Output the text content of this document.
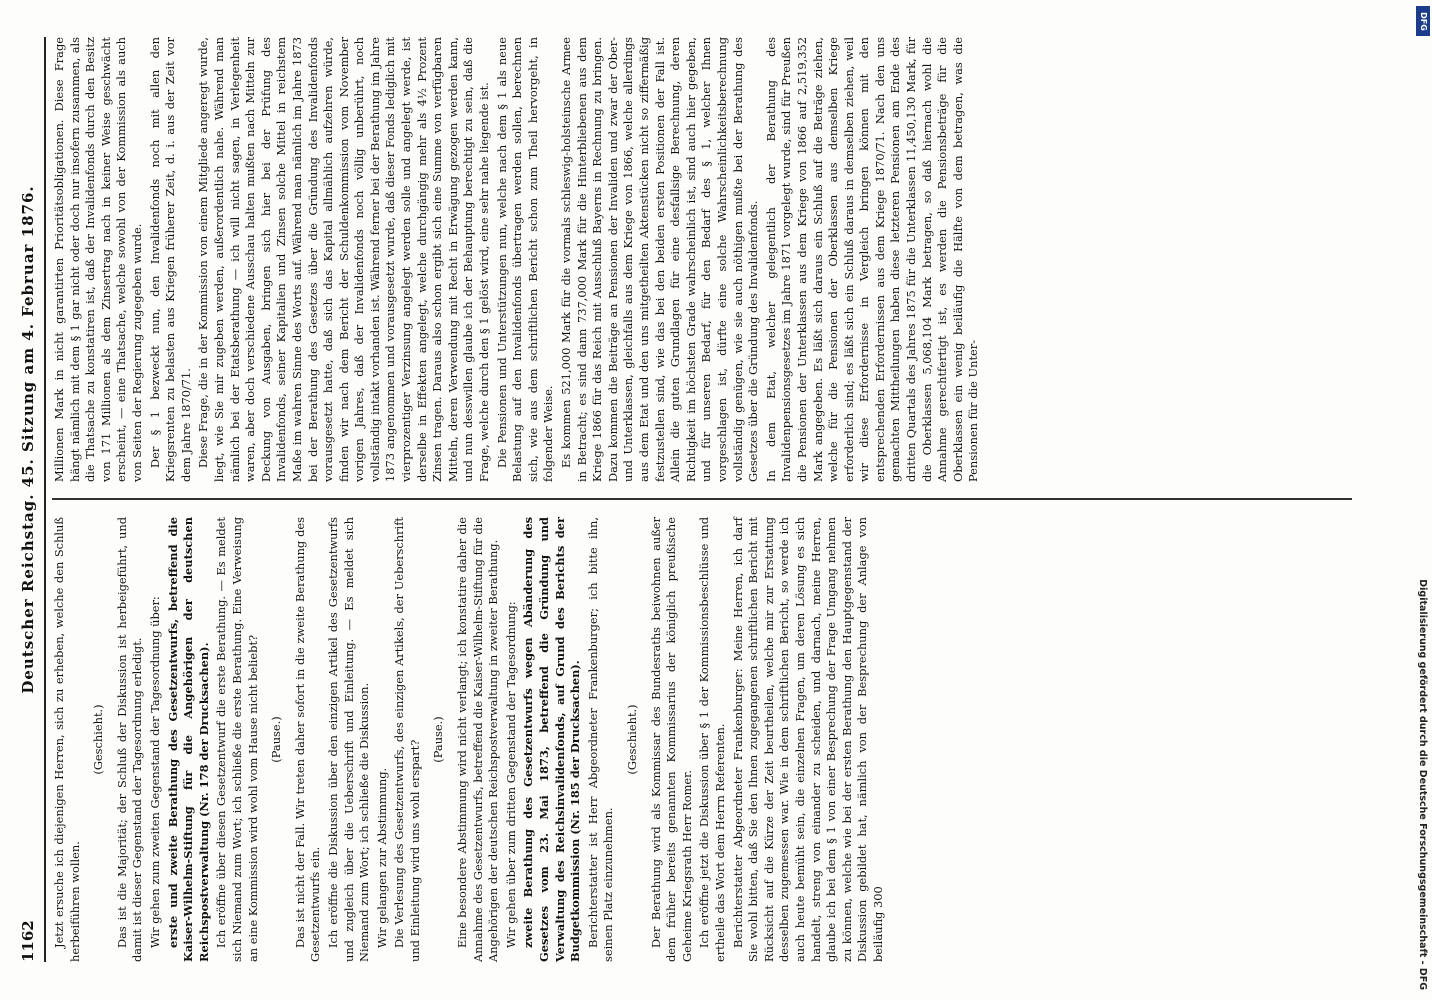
1162
Deutscher Reichstag. 45. Sitzung am 4. Februar 1876.

Jetzt ersuche ich diejenigen Herren, sich zu erheben, welche den Schluß herbeiführen wollen.

(Geschieht.) Das ist die Majorität; der Schluß der Diskussion ist herbeigeführt, und damit ist dieser Gegenstand der Tagesordnung erledigt. Wir gehen zum zweiten Gegenstand der Tagesordnung über: erste und zweite Berathung des Gesetzentwurfs, betreffend die Kaiser-Wilhelm-Stiftung für die Angehörigen der deutschen Reichspostverwaltung (Nr. 178 der Drucksachen). Ich eröffne über diesen Gesetzentwurf die erste Berathung. — Es meldet sich Niemand zum Wort; ich schließe die erste Berathung. Eine Verweisung an eine Kommission wird wohl vom Hause nicht beliebt? (Pause.) Das ist nicht der Fall. Wir treten daher sofort in die zweite Berathung des Gesetzentwurfs ein. Ich eröffne die Diskussion über den einzigen Artikel des Gesetzentwurfs und zugleich über die Ueberschrift und Einleitung. — Es meldet sich Niemand zum Wort; ich schließe die Diskussion. Wir gelangen zur Abstimmung. Die Verlesung des Gesetzentwurfs, des einzigen Artikels, der Ueberschrift und Einleitung wird uns wohl erspart?

(Pause.) Eine besondere Abstimmung wird nicht verlangt; ich konstatire daher die Annahme des Gesetzentwurfs, betreffend die Kaiser-Wilhelm-Stiftung für die Angehörigen der deutschen Reichspostverwaltung in zweiter Berathung. Wir gehen über zum dritten Gegenstand der Tagesordnung: zweite Berathung des Gesetzentwurfs wegen Abänderung des Gesetzes vom 23. Mai 1873, betreffend die Gründung und Verwaltung des Reichsinvalidenfonds, auf Grund des Berichts der Budgetkommission (Nr. 185 der Drucksachen). Berichterstatter ist Herr Abgeordneter Frankenburger; ich bitte ihn, seinen Platz einzunehmen.

(Geschieht.) Der Berathung wird als Kommissar des Bundesraths beiwohnen außer dem früher bereits genannten Kommissarius der königlich preußische Geheime Kriegsrath Herr Romer. Ich eröffne jetzt die Diskussion über § 1 der Kommissionsbeschlüsse und ertheile das Wort dem Herrn Referenten. Berichterstatter Abgeordneter Frankenburger: Meine Herren, ich darf Sie wohl bitten, daß Sie den Ihnen zugegangenen schriftlichen Bericht mit Rücksicht auf die Kürze der Zeit beurtheilen, welche mir zur Erstattung desselben zugemessen war. Wie in dem schriftlichen Bericht, so werde ich auch heute bemüht sein, die einzelnen Fragen, um deren Lösung es sich handelt, streng von einander zu scheiden, und darnach, meine Herren, glaube ich bei dem § 1 von einer Besprechung der Frage Umgang nehmen zu können, welche wie bei der ersten Berathung den Hauptgegenstand der Diskussion gebildet hat, nämlich von der Besprechung der Anlage von beiläufig 300

Millionen Mark in nicht garantirten Prioritätsobligationen. Diese Frage hängt nämlich mit dem § 1 gar nicht oder doch nur insofern zusammen, als die Thatsache zu konstatiren ist, daß der Invalidenfonds durch den Besitz von 171 Millionen als dem Zinsertrag nach in keiner Weise geschwächt erscheint, — eine Thatsache, welche sowohl von der Kommission als auch von Seiten der Regierung zugegeben wurde. Der § 1 bezweckt nun, den Invalidenfonds noch mit allen den Kriegsrenten zu belasten aus Kriegen früherer Zeit, d. i. aus der Zeit vor dem Jahre 1870/71. Diese Frage, die in der Kommission von einem Mitgliede angeregt wurde, liegt, wie Sie mir zugeben werden, außerordentlich nahe. Während man nämlich bei der Etatsberathung — ich will nicht sagen, in Verlegenheit waren, aber doch verschiedene Ausschau halten mußten nach Mitteln zur Deckung von Ausgaben, bringen sich hier bei der Prüfung des Invalidenfonds, seiner Kapitalien und Zinsen solche Mittel in reichstem Maße im wahren Sinne des Worts auf. Während man nämlich im Jahre 1873 bei der Berathung des Gesetzes über die Gründung des Invalidenfonds vorausgesetzt hatte, daß sich das Kapital allmählich aufzehren würde, finden wir nach dem Bericht der Schuldenkommission vom November vorigen Jahres, daß der Invalidenfonds noch völlig unberührt, noch vollständig intakt vorhanden ist. Während ferner bei der Berathung im Jahre 1873 angenommen und vorausgesetzt wurde, daß dieser Fonds lediglich mit vierprozentiger Verzinsung angelegt werden solle und angelegt werde, ist derselbe in Effekten angelegt, welche durchgängig mehr als 4½ Prozent Zinsen tragen. Daraus also schon ergibt sich eine Summe von verfügbaren Mitteln, deren Verwendung mit Recht in Erwägung gezogen werden kann, und nun desswillen glaube ich der Behauptung berechtigt zu sein, daß die Frage, welche durch den § 1 gelöst wird, eine sehr nahe liegende ist. Die Pensionen und Unterstützungen nun, welche nach dem § 1 als neue Belastung auf den Invalidenfonds übertragen werden sollen, berechnen sich, wie aus dem schriftlichen Bericht schon zum Theil hervorgeht, in folgender Weise. Es kommen 521,000 Mark für die vormals schleswig-holsteinsche Armee in Betracht; es sind dann 737,000 Mark für die Hinterbliebenen aus dem Kriege 1866 für das Reich mit Ausschluß Bayerns in Rechnung zu bringen. Dazu kommen die Beiträge an Pensionen der Invaliden und zwar der Ober- und Unterklassen, gleichfalls aus dem Kriege von 1866, welche allerdings aus dem Etat und den uns mitgetheilten Aktenstücken nicht so ziffermäßig festzustellen sind, wie das bei den beiden ersten Positionen der Fall ist. Allein die guten Grundlagen für eine desfallsige Berechnung, deren Richtigkeit im höchsten Grade wahrscheinlich ist, sind auch hier gegeben, und für unseren Bedarf, für den Bedarf des § 1, welcher Ihnen vorgeschlagen ist, dürfte eine solche Wahrscheinlichkeitsberechnung vollständig genügen, wie sie auch nöthigen mußte bei der Berathung des Gesetzes über die Gründung des Invalidenfonds. In dem Etat, welcher gelegentlich der Berathung des Invalidenpensionsgesetzes im Jahre 1871 vorgelegt wurde, sind für Preußen die Pensionen der Unterklassen aus dem Kriege von 1866 auf 2,519,352 Mark angegeben. Es läßt sich daraus ein Schluß auf die Beträge ziehen, welche für die Pensionen der Oberklassen aus demselben Kriege erforderlich sind; es läßt sich ein Schluß daraus in demselben ziehen, weil wir diese Erfordernisse in Vergleich bringen können mit den entsprechenden Erfordernissen aus dem Kriege 1870/71. Nach den uns gemachten Mittheilungen haben diese letzteren Pensionen am Ende des dritten Quartals des Jahres 1875 für die Unterklassen 11,450,130 Mark, für die Oberklassen 5,068,104 Mark betragen, so daß hiernach wohl die Annahme gerechtfertigt ist, es werden die Pensionsbeträge für die Oberklassen ein wenig beiläufig die Hälfte von dem betragen, was die Pensionen für die Unter-

Digitalisierung gefördert durch die Deutsche Forschungsgemeinschaft - DFG
DFG
